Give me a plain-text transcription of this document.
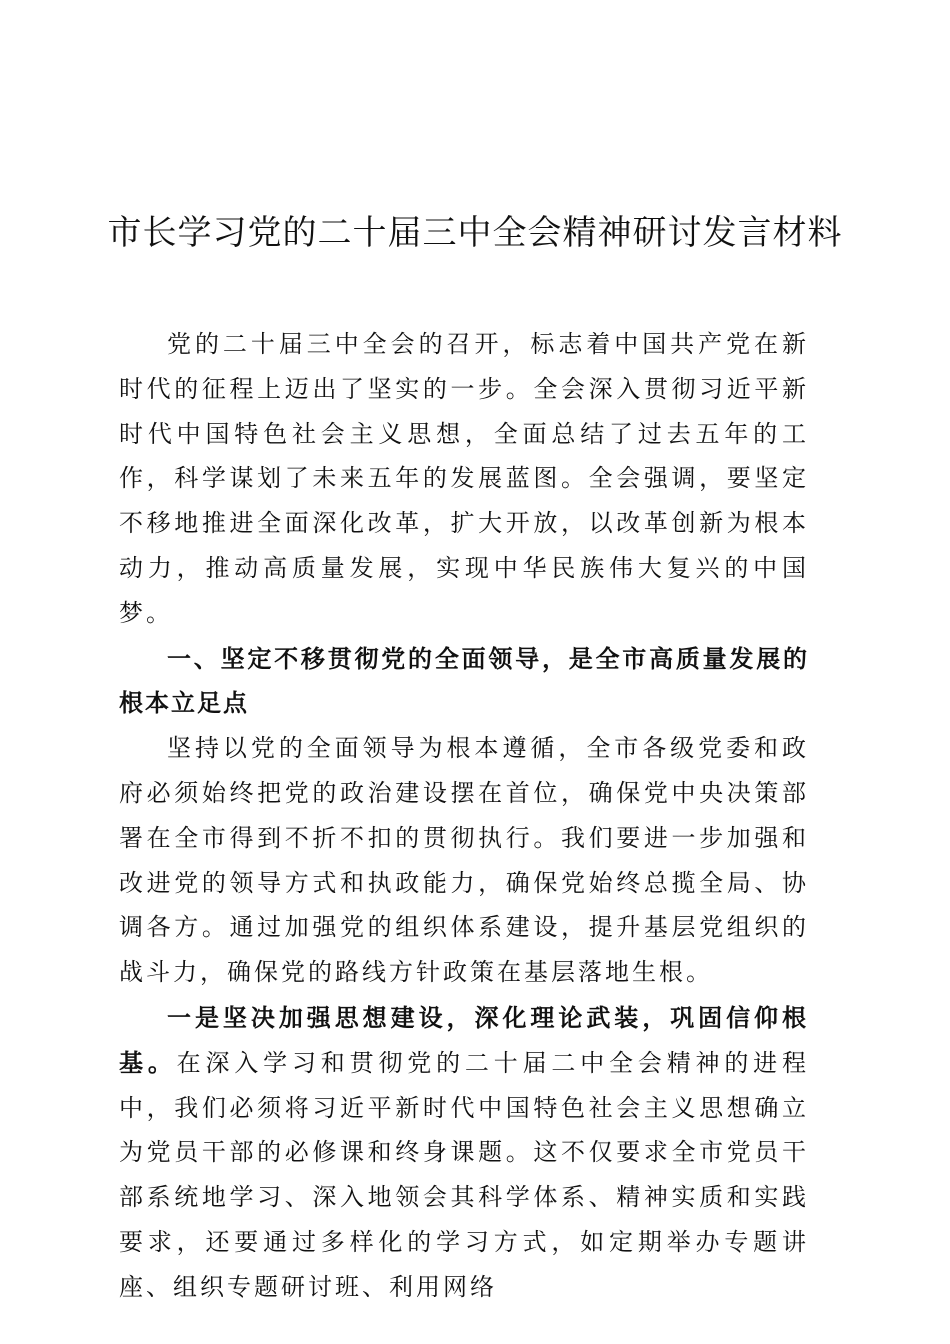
市长学习党的二十届三中全会精神研讨发言材料

党的二十届三中全会的召开，标志着中国共产党在新时代的征程上迈出了坚实的一步。全会深入贯彻习近平新时代中国特色社会主义思想，全面总结了过去五年的工作，科学谋划了未来五年的发展蓝图。全会强调，要坚定不移地推进全面深化改革，扩大开放，以改革创新为根本动力，推动高质量发展，实现中华民族伟大复兴的中国梦。

一、坚定不移贯彻党的全面领导，是全市高质量发展的根本立足点

坚持以党的全面领导为根本遵循，全市各级党委和政府必须始终把党的政治建设摆在首位，确保党中央决策部署在全市得到不折不扣的贯彻执行。我们要进一步加强和改进党的领导方式和执政能力，确保党始终总揽全局、协调各方。通过加强党的组织体系建设，提升基层党组织的战斗力，确保党的路线方针政策在基层落地生根。

一是坚决加强思想建设，深化理论武装，巩固信仰根基。在深入学习和贯彻党的二十届二中全会精神的进程中，我们必须将习近平新时代中国特色社会主义思想确立为党员干部的必修课和终身课题。这不仅要求全市党员干部系统地学习、深入地领会其科学体系、精神实质和实践要求，还要通过多样化的学习方式，如定期举办专题讲座、组织专题研讨班、利用网络
